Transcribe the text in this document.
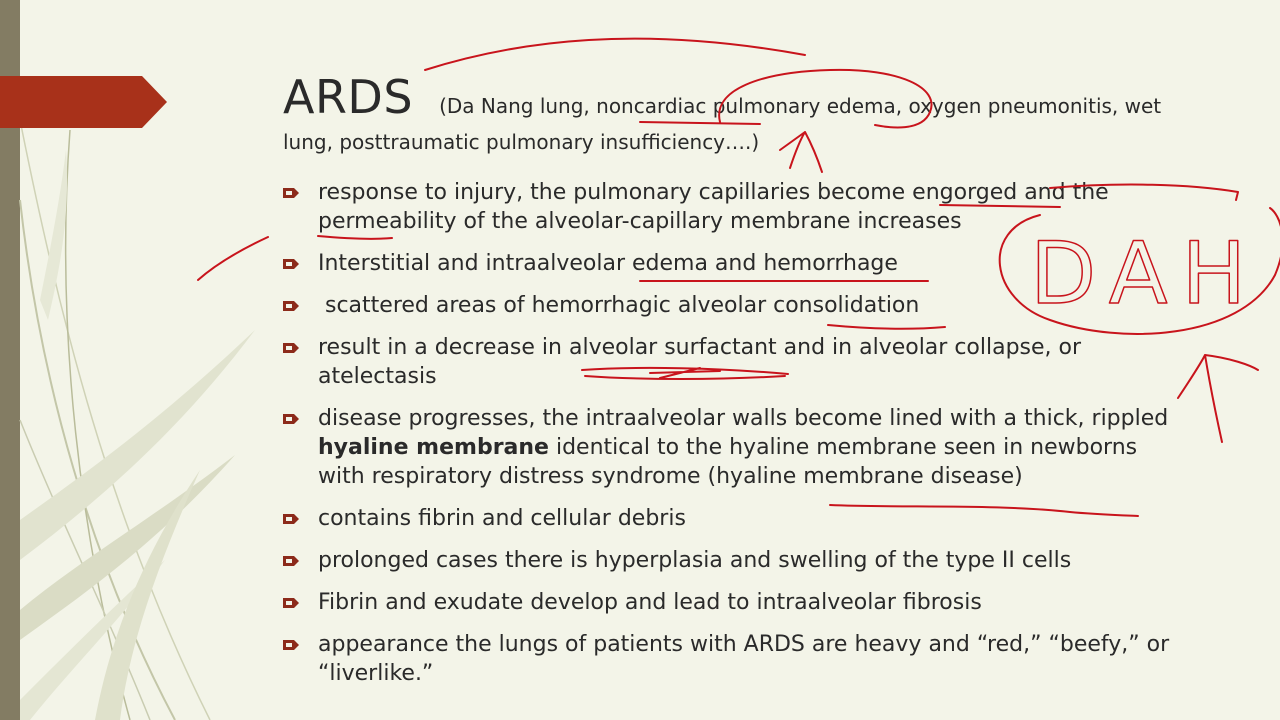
ARDS (Da Nang lung, noncardiac pulmonary edema, oxygen pneumonitis, wet
lung, posttraumatic pulmonary insufficiency….)
response to injury, the pulmonary capillaries become engorged and the permeability of the alveolar-capillary membrane increases
Interstitial and intraalveolar edema and hemorrhage
scattered areas of hemorrhagic alveolar consolidation
result in a decrease in alveolar surfactant and in alveolar collapse, or atelectasis
disease progresses, the intraalveolar walls become lined with a thick, rippled hyaline membrane identical to the hyaline membrane seen in newborns with respiratory distress syndrome (hyaline membrane disease)
contains fibrin and cellular debris
prolonged cases there is hyperplasia and swelling of the type II cells
Fibrin and exudate develop and lead to intraalveolar fibrosis
appearance the lungs of patients with ARDS are heavy and “red,” “beefy,” or “liverlike.”
DAH
